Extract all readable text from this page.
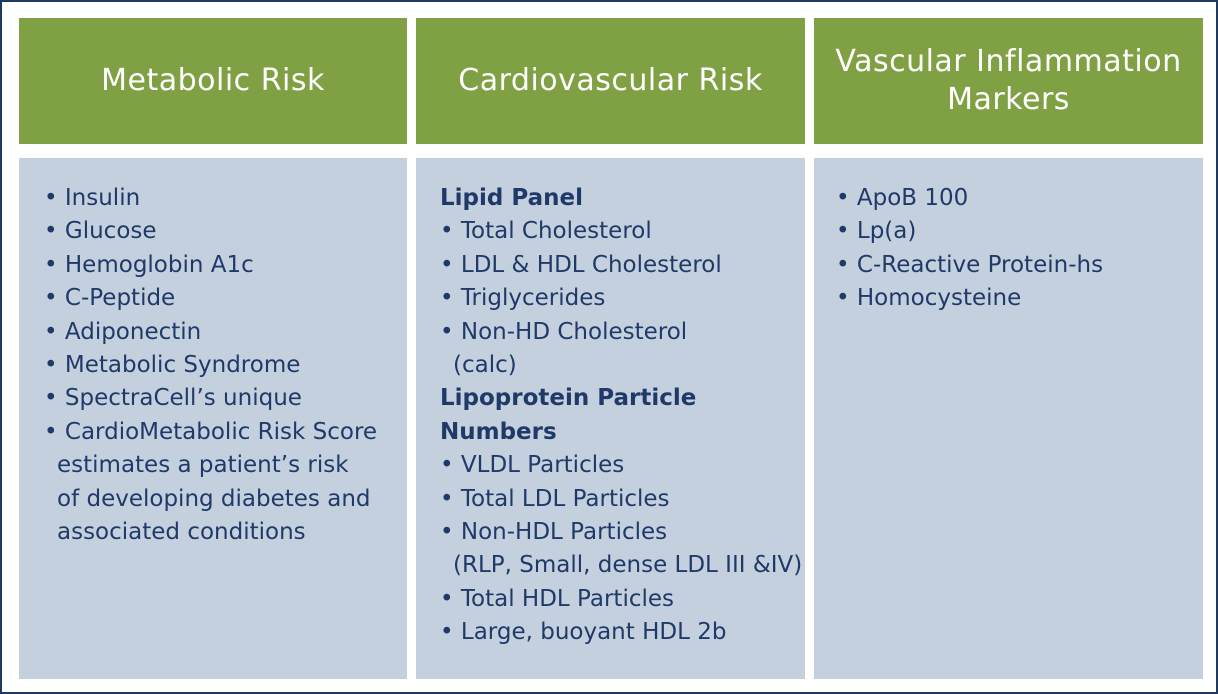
Metabolic Risk
• Insulin
• Glucose
• Hemoglobin A1c
• C-Peptide
• Adiponectin
• Metabolic Syndrome
• SpectraCell’s unique
• CardioMetabolic Risk Score
estimates a patient’s risk
of developing diabetes and
associated conditions
Cardiovascular Risk
Lipid Panel
• Total Cholesterol
• LDL & HDL Cholesterol
• Triglycerides
• Non-HD Cholesterol
(calc)
Lipoprotein Particle
Numbers
• VLDL Particles
• Total LDL Particles
• Non-HDL Particles
(RLP, Small, dense LDL III &IV)
• Total HDL Particles
• Large, buoyant HDL 2b
Vascular Inflammation
Markers
• ApoB 100
• Lp(a)
• C-Reactive Protein-hs
• Homocysteine
